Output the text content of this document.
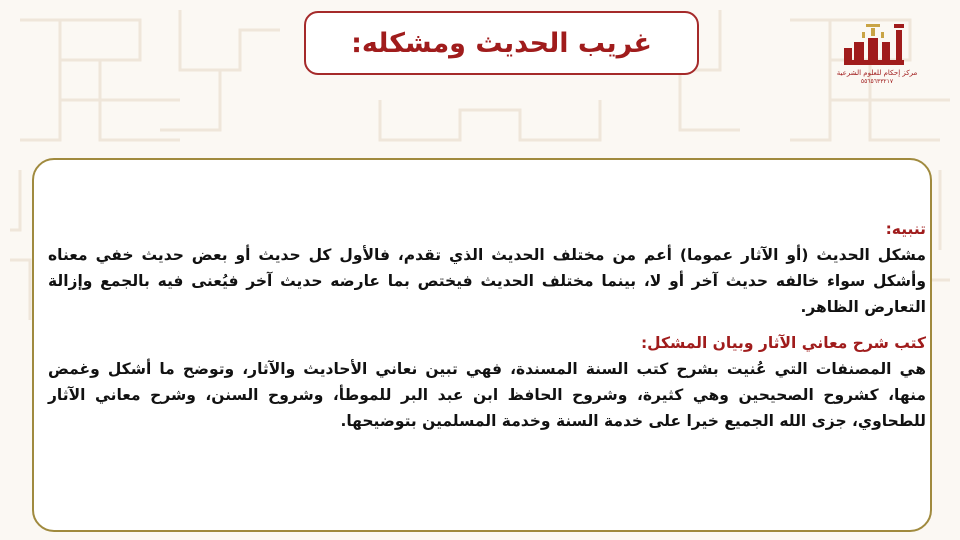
غريب الحديث ومشكله:
مركز إحكام للعلوم الشرعية
٥٥٦٥٦٣٣٢١٧

تنبيه:

مشكل الحديث (أو الآثار عموما) أعم من مختلف الحديث الذي تقدم، فالأول كل حديث أو بعض حديث خفي معناه وأشكل سواء خالفه حديث آخر أو لا، بينما مختلف الحديث فيختص بما عارضه حديث آخر فيُعنى فيه بالجمع وإزالة التعارض الظاهر.

كتب شرح معاني الآثار وبيان المشكل:

هي المصنفات التي عُنيت بشرح كتب السنة المسندة، فهي تبين نعاني الأحاديث والآثار، وتوضح ما أشكل وغمض منها، كشروح الصحيحين وهي كثيرة، وشروح الحافظ ابن عبد البر للموطأ، وشروح السنن، وشرح معاني الآثار للطحاوي، جزى الله الجميع خيرا على خدمة السنة وخدمة المسلمين بتوضيحها.
